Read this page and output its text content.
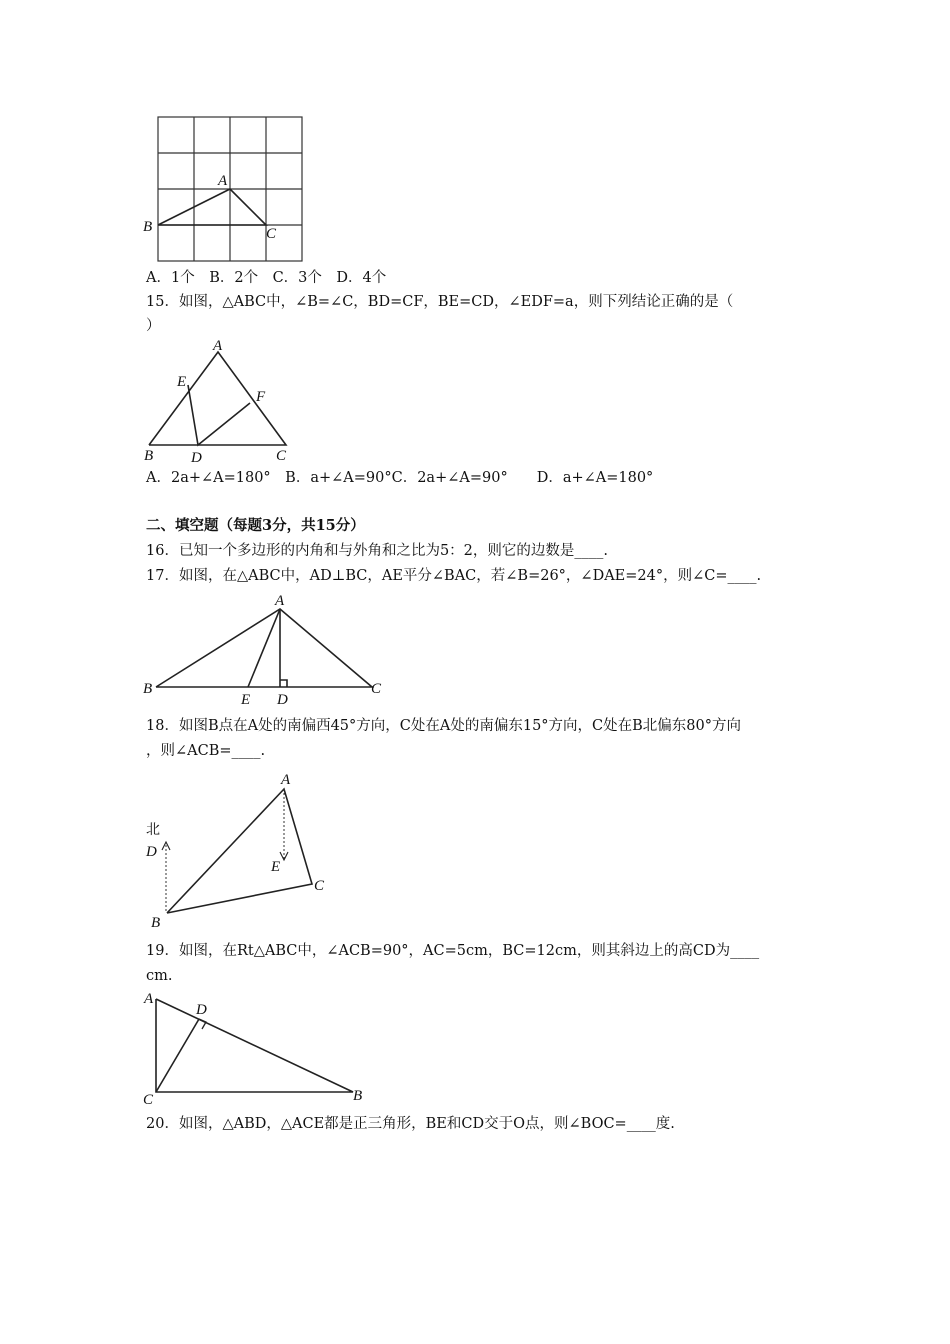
A
B	C
A．1个　B．2个　C．3个　D．4个
15．如图，△ABC中，∠B=∠C，BD=CF，BE=CD，∠EDF=a，则下列结论正确的是（
）
A
E
F
B	D	C
A．2a+∠A=180°　B．a+∠A=90°C．2a+∠A=90°　　D．a+∠A=180°
二、填空题（每题3分，共15分）
16．已知一个多边形的内角和与外角和之比为5：2，则它的边数是____.
17．如图，在△ABC中，AD⊥BC，AE平分∠BAC，若∠B=26°，∠DAE=24°，则∠C=____.
A
B
E D
C
18．如图B点在A处的南偏西45°方向，C处在A处的南偏东15°方向，C处在B北偏东80°方向
，则∠ACB=____.
北
D
A
E
C
B
19．如图，在Rt△ABC中，∠ACB=90°，AC=5cm，BC=12cm，则其斜边上的高CD为____
cm.
A
D
C	B
20．如图，△ABD，△ACE都是正三角形，BE和CD交于O点，则∠BOC=____度.
